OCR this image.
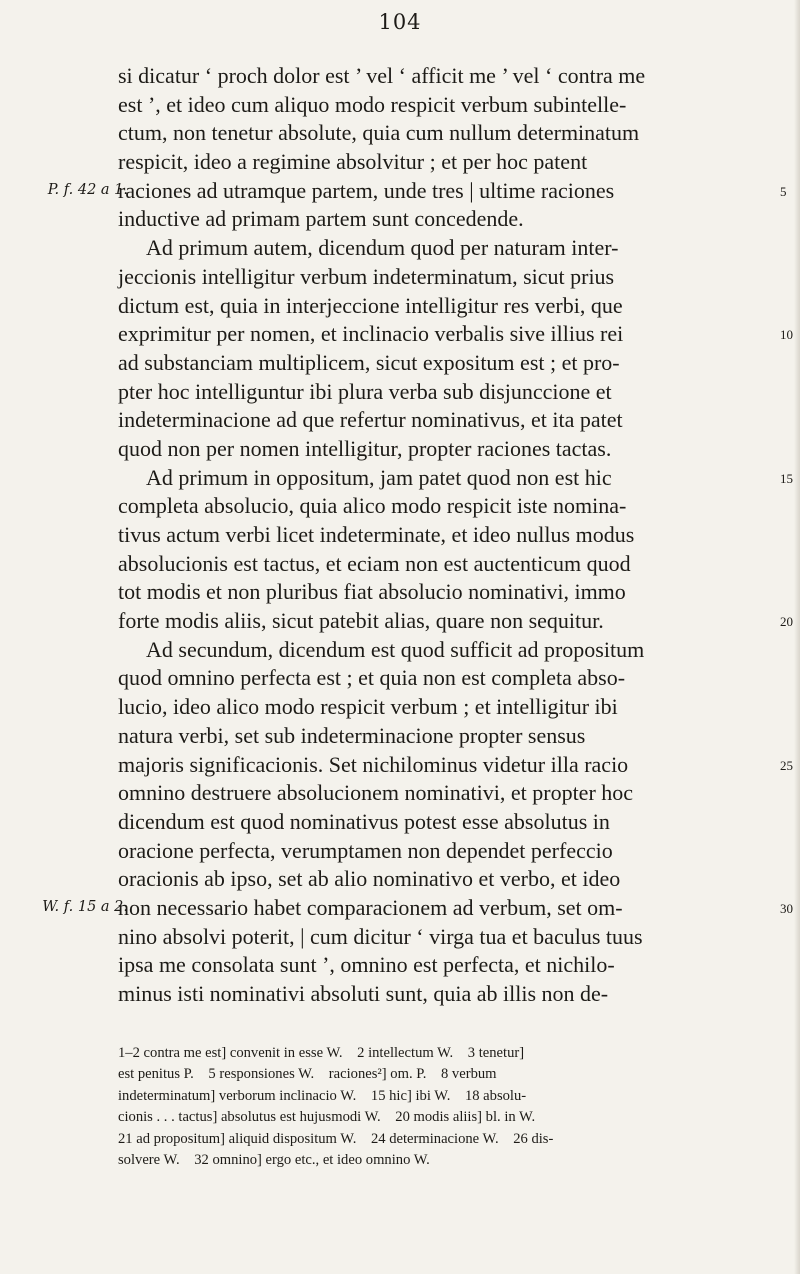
104
si dicatur ‘ proch dolor est ’ vel ‘ afficit me ’ vel ‘ contra me
est ’, et ideo cum aliquo modo respicit verbum subintelle-
ctum, non tenetur absolute, quia cum nullum determinatum
respicit, ideo a regimine absolvitur ; et per hoc patent
raciones ad utramque partem, unde tres | ultime raciones	5
inductive ad primam partem sunt concedende.
Ad primum autem, dicendum quod per naturam inter-
jeccionis intelligitur verbum indeterminatum, sicut prius
dictum est, quia in interjeccione intelligitur res verbi, que
exprimitur per nomen, et inclinacio verbalis sive illius rei	10
ad substanciam multiplicem, sicut expositum est ; et pro-
pter hoc intelliguntur ibi plura verba sub disjunccione et
indeterminacione ad que refertur nominativus, et ita patet
quod non per nomen intelligitur, propter raciones tactas.
Ad primum in oppositum, jam patet quod non est hic	15
completa absolucio, quia alico modo respicit iste nomina-
tivus actum verbi licet indeterminate, et ideo nullus modus
absolucionis est tactus, et eciam non est auctenticum quod
tot modis et non pluribus fiat absolucio nominativi, immo
forte modis aliis, sicut patebit alias, quare non sequitur.	20
Ad secundum, dicendum est quod sufficit ad propositum
quod omnino perfecta est ; et quia non est completa abso-
lucio, ideo alico modo respicit verbum ; et intelligitur ibi
natura verbi, set sub indeterminacione propter sensus
majoris significacionis. Set nichilominus videtur illa racio	25
omnino destruere absolucionem nominativi, et propter hoc
dicendum est quod nominativus potest esse absolutus in
oracione perfecta, verumptamen non dependet perfeccio
oracionis ab ipso, set ab alio nominativo et verbo, et ideo
non necessario habet comparacionem ad verbum, set om-	30
nino absolvi poterit, | cum dicitur ‘ virga tua et baculus tuus
ipsa me consolata sunt ’, omnino est perfecta, et nichilo-
minus isti nominativi absoluti sunt, quia ab illis non de-
P. f. 42 a 1.
W. f. 15 a 2.
1–2 contra me est] convenit in esse W.    2 intellectum W.    3 tenetur]
est penitus P.    5 responsiones W.    raciones²] om. P.    8 verbum
indeterminatum] verborum inclinacio W.    15 hic] ibi W.    18 absolu-
cionis . . . tactus] absolutus est hujusmodi W.    20 modis aliis] bl. in W.
21 ad propositum] aliquid dispositum W.    24 determinacione W.    26 dis-
solvere W.    32 omnino] ergo etc., et ideo omnino W.
